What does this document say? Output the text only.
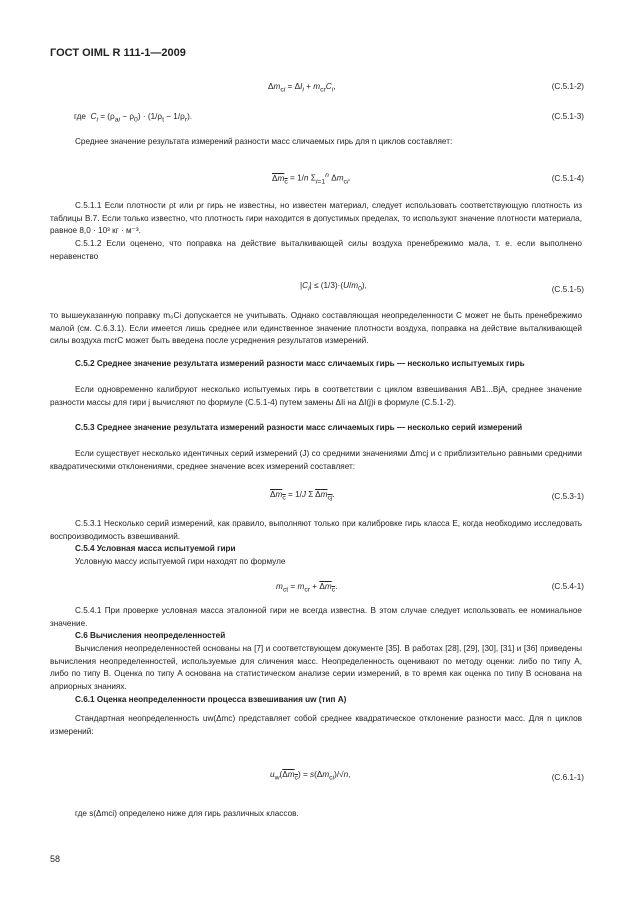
ГОСТ OIML R 111-1—2009
$\Delta m_{ci} = \Delta I_i + m_{cr}C_i$,	(C.5.1-2)
где $C_i = (\rho_{ai} - \rho_0) \cdot (1/\rho_t - 1/\rho_r)$.	(C.5.1-3)
Среднее значение результата измерений разности масс сличаемых гирь для n циклов составляет:
$\Delta m_c = 1/n$ $\Sigma_{i=1}^n$ $\Delta m_{ci}$.	(C.5.1-4)
C.5.1.1 Если плотности ρt или ρr гирь не известны, но известен материал, следует использовать соответствующую плотность из таблицы B.7. Если только известно, что плотность гири находится в допустимых пределах, то используют значение плотности материала, равное 8,0 · 10³ кг · м⁻³.
C.5.1.2 Если оценено, что поправка на действие выталкивающей силы воздуха пренебрежимо мала, т. е. если выполнено неравенство
$|C_i| \le (1/3)\cdot(U/m_0)$,	(C.5.1-5)
то вышеуказанную поправку m₀Ci допускается не учитывать. Однако составляющая неопределенности C может не быть пренебрежимо малой (см. C.6.3.1). Если имеется лишь среднее или единственное значение плотности воздуха, поправка на действие выталкивающей силы воздуха mcrC может быть введена после усреднения результатов измерений.
C.5.2 Среднее значение результата измерений разности масс сличаемых гирь — несколько испытуемых гирь
Если одновременно калибруют несколько испытуемых гирь в соответствии с циклом взвешивания AB1...BjA, среднее значение разности массы для гири j вычисляют по формуле (C.5.1-4) путем замены ΔIi на ΔI(j)i в формуле (C.5.1-2).
C.5.3 Среднее значение результата измерений разности масс сличаемых гирь — несколько серий измерений
Если существует несколько идентичных серий измерений (J) со средними значениями Δmcj и с приблизительно равными средними квадратическими отклонениями, среднее значение всех измерений составляет:
$\Delta m_c = 1/J$ Σ $\Delta m_{cj}$.	(C.5.3-1)
C.5.3.1 Несколько серий измерений, как правило, выполняют только при калибровке гирь класса E, когда необходимо исследовать воспроизводимость взвешиваний.
C.5.4 Условная масса испытуемой гири
Условную массу испытуемой гири находят по формуле
$m_{ct} = m_{cr} + \Delta m_c$.	(C.5.4-1)
C.5.4.1 При проверке условная масса эталонной гири не всегда известна. В этом случае следует использовать ее номинальное значение.
C.6 Вычисления неопределенностей
Вычисления неопределенностей основаны на [7] и соответствующем документе [35]. В работах [28], [29], [30], [31] и [36] приведены вычисления неопределенностей, используемые для сличения масс. Неопределенность оценивают по методу оценки: либо по типу A, либо по типу B. Оценка по типу A основана на статистическом анализе серии измерений, в то время как оценка по типу B основана на априорных знаниях.
C.6.1 Оценка неопределенности процесса взвешивания uw (тип A)
Стандартная неопределенность uw(Δmc) представляет собой среднее квадратическое отклонение разности масс. Для n циклов измерений:
$u_w(\Delta m_c) = s(\Delta m_{ci})/√n$,	(C.6.1-1)
где s(Δmci) определено ниже для гирь различных классов.
58
